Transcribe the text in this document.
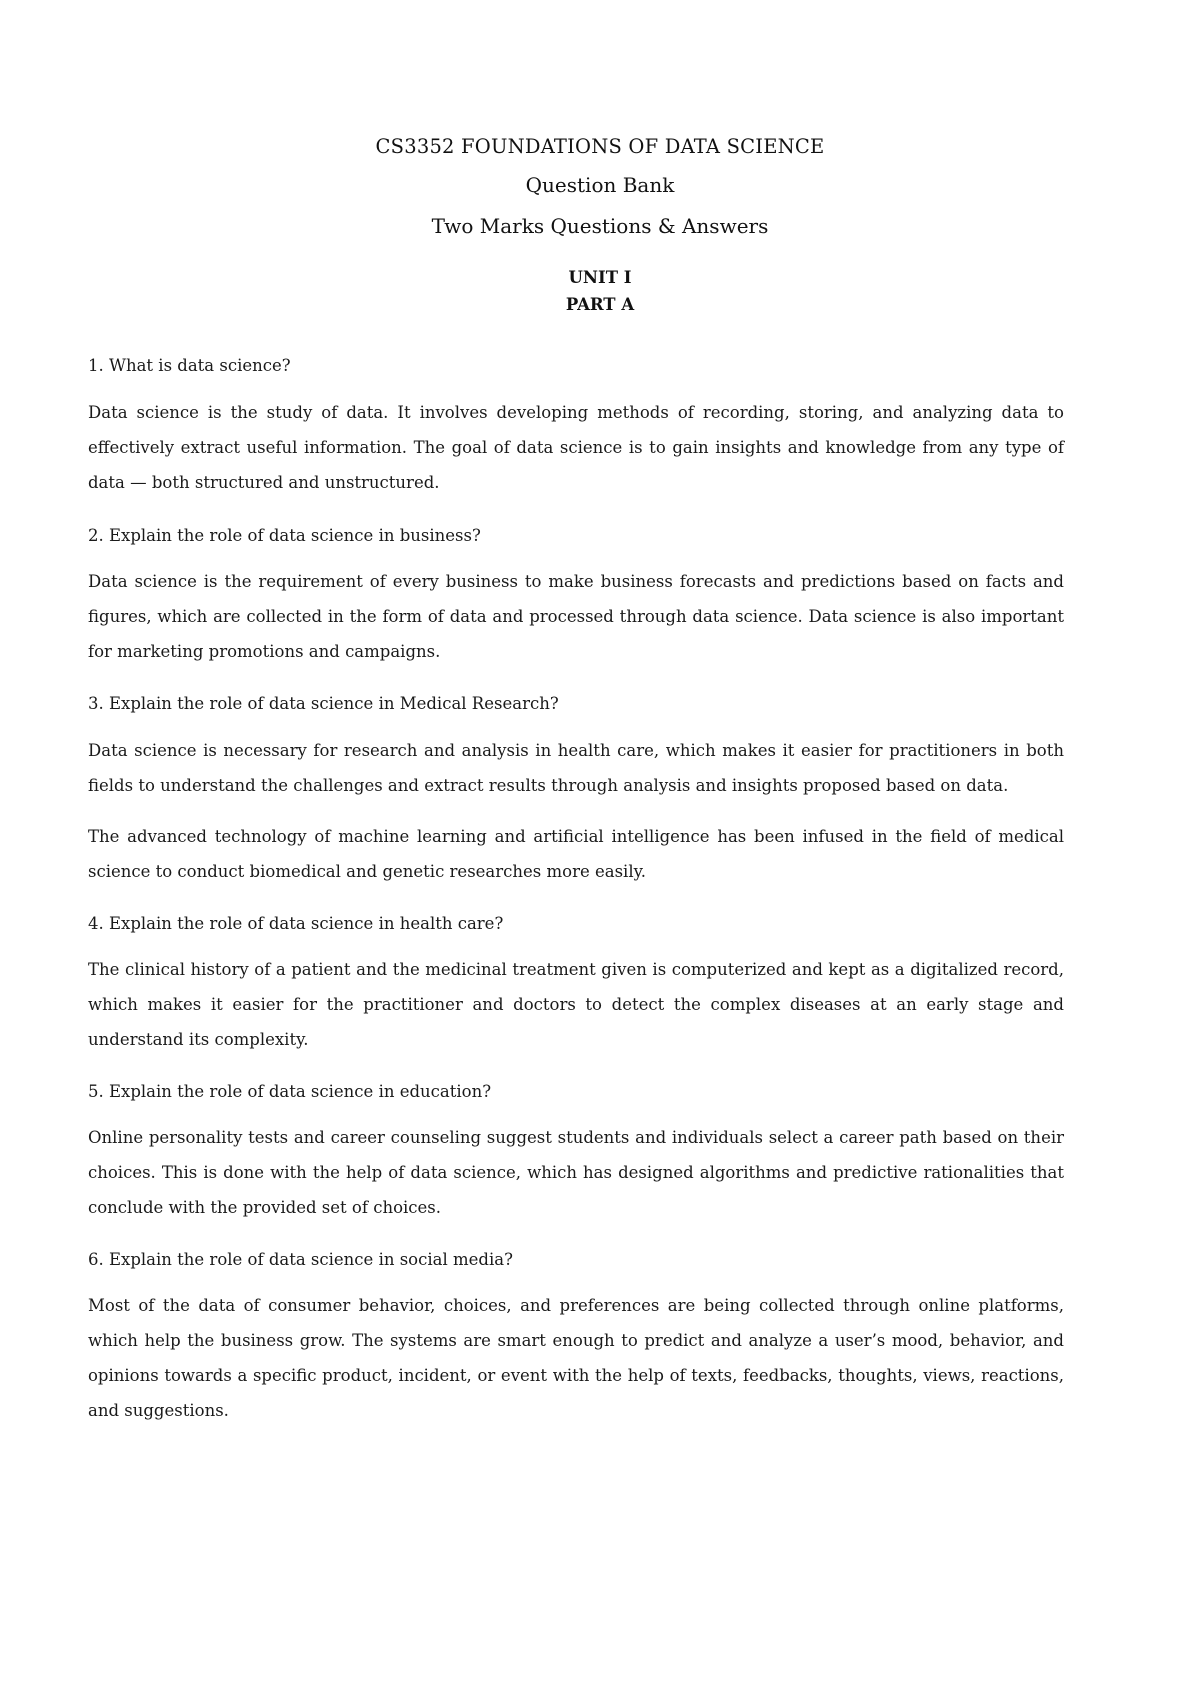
CS3352 FOUNDATIONS OF DATA SCIENCE
Question Bank
Two Marks Questions & Answers
UNIT I
PART A

1. What is data science?

Data science is the study of data. It involves developing methods of recording, storing, and analyzing data to effectively extract useful information. The goal of data science is to gain insights and knowledge from any type of data — both structured and unstructured.

2. Explain the role of data science in business?

Data science is the requirement of every business to make business forecasts and predictions based on facts and figures, which are collected in the form of data and processed through data science. Data science is also important for marketing promotions and campaigns.

3. Explain the role of data science in Medical Research?

Data science is necessary for research and analysis in health care, which makes it easier for practitioners in both fields to understand the challenges and extract results through analysis and insights proposed based on data.

The advanced technology of machine learning and artificial intelligence has been infused in the field of medical science to conduct biomedical and genetic researches more easily.

4. Explain the role of data science in health care?

The clinical history of a patient and the medicinal treatment given is computerized and kept as a digitalized record, which makes it easier for the practitioner and doctors to detect the complex diseases at an early stage and understand its complexity.

5. Explain the role of data science in education?

Online personality tests and career counseling suggest students and individuals select a career path based on their choices. This is done with the help of data science, which has designed algorithms and predictive rationalities that conclude with the provided set of choices.

6. Explain the role of data science in social media?

Most of the data of consumer behavior, choices, and preferences are being collected through online platforms, which help the business grow. The systems are smart enough to predict and analyze a user’s mood, behavior, and opinions towards a specific product, incident, or event with the help of texts, feedbacks, thoughts, views, reactions, and suggestions.
